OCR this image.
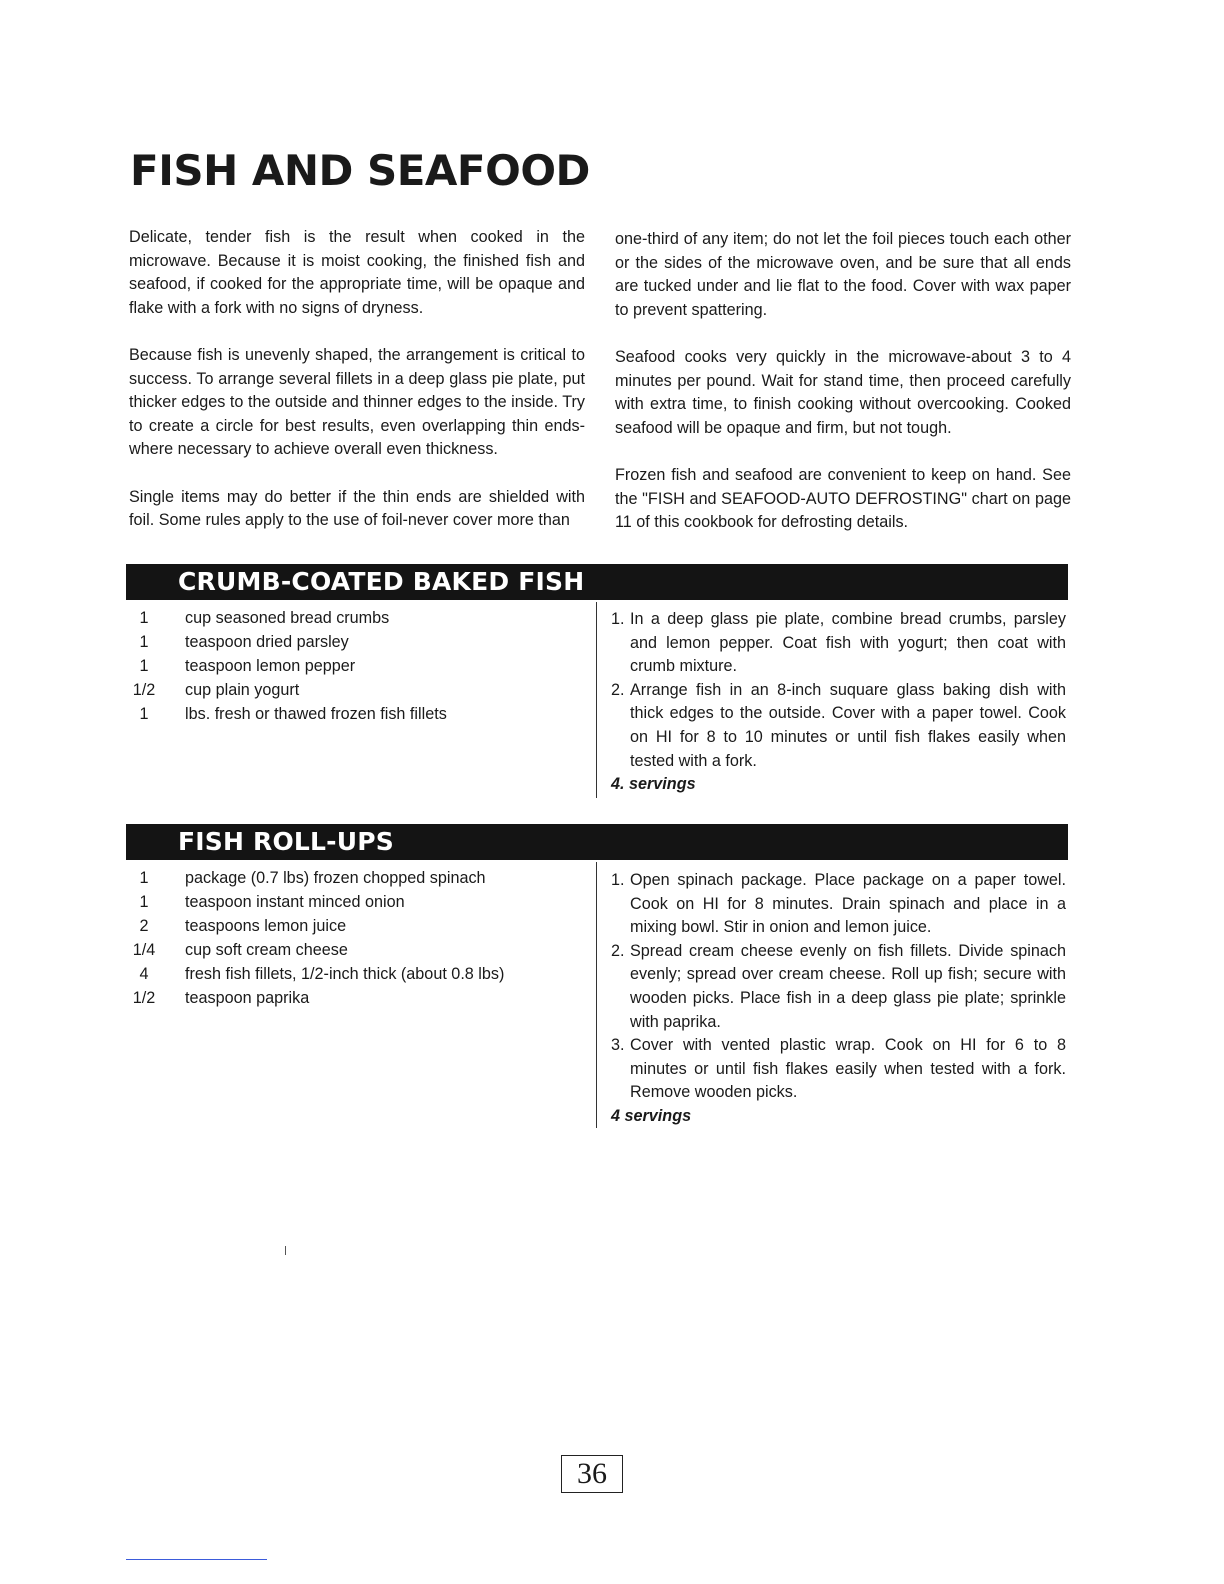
FISH AND SEAFOOD

Delicate, tender fish is the result when cooked in the microwave. Because it is moist cooking, the finished fish and seafood, if cooked for the appropriate time, will be opaque and flake with a fork with no signs of dryness.

Because fish is unevenly shaped, the arrangement is critical to success. To arrange several fillets in a deep glass pie plate, put thicker edges to the outside and thinner edges to the inside. Try to create a circle for best results, even overlapping thin ends-where necessary to achieve overall even thickness.

Single items may do better if the thin ends are shielded with foil. Some rules apply to the use of foil-never cover more than

one-third of any item; do not let the foil pieces touch each other or the sides of the microwave oven, and be sure that all ends are tucked under and lie flat to the food. Cover with wax paper to prevent spattering.

Seafood cooks very quickly in the microwave-about 3 to 4 minutes per pound. Wait for stand time, then proceed carefully with extra time, to finish cooking without overcooking. Cooked seafood will be opaque and firm, but not tough.

Frozen fish and seafood are convenient to keep on hand. See the "FISH and SEAFOOD-AUTO DEFROSTING" chart on page 11 of this cookbook for defrosting details.

CRUMB-COATED BAKED FISH
1	cup seasoned bread crumbs
1	teaspoon dried parsley
1	teaspoon lemon pepper
1/2	cup plain yogurt
1	lbs. fresh or thawed frozen fish fillets
1. In a deep glass pie plate, combine bread crumbs, parsley and lemon pepper. Coat fish with yogurt; then coat with crumb mixture.
2. Arrange fish in an 8-inch suquare glass baking dish with thick edges to the outside. Cover with a paper towel. Cook on HI for 8 to 10 minutes or until fish flakes easily when tested with a fork.
4. servings
FISH ROLL-UPS
1	package (0.7 lbs) frozen chopped spinach
1	teaspoon instant minced onion
2	teaspoons lemon juice
1/4	cup soft cream cheese
4	fresh fish fillets, 1/2-inch thick (about 0.8 lbs)
1/2	teaspoon paprika
1. Open spinach package. Place package on a paper towel. Cook on HI for 8 minutes. Drain spinach and place in a mixing bowl. Stir in onion and lemon juice.
2. Spread cream cheese evenly on fish fillets. Divide spinach evenly; spread over cream cheese. Roll up fish; secure with wooden picks. Place fish in a deep glass pie plate; sprinkle with paprika.
3. Cover with vented plastic wrap. Cook on HI for 6 to 8 minutes or until fish flakes easily when tested with a fork. Remove wooden picks.
4 servings
36
